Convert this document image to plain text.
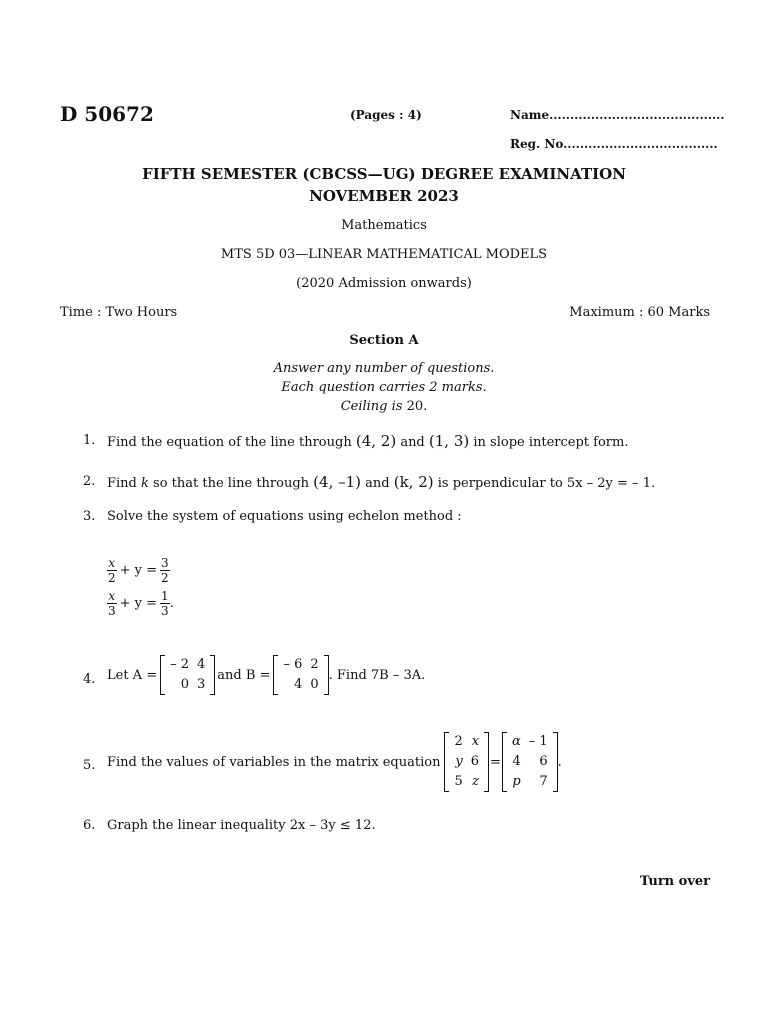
D 50672	(Pages : 4)	Name..........................................
Reg. No.....................................
FIFTH SEMESTER (CBCSS—UG) DEGREE EXAMINATION
NOVEMBER 2023
Mathematics
MTS 5D 03—LINEAR MATHEMATICAL MODELS
(2020 Admission onwards)
Time : Two Hours	Maximum : 60 Marks
Section A
Answer any number of questions.
Each question carries 2 marks.
Ceiling is 20.
1. Find the equation of the line through (4, 2) and (1, 3) in slope intercept form.
2. Find k so that the line through (4, –1) and (k, 2) is perpendicular to 5x – 2y = – 1.
3. Solve the system of equations using echelon method :
$\frac{x}{2} + y = \frac{3}{2}$
$\frac{x}{3} + y = \frac{1}{3}$ .
4. Let A =
– 2	4
0	3
and B =
– 6	2
4	0
. Find 7B – 3A.
5. Find the values of variables in the matrix equation
2	x
y	6
5	z
=
α	– 1
4	6
p	7
.
6. Graph the linear inequality 2x – 3y ≤ 12.
Turn over
